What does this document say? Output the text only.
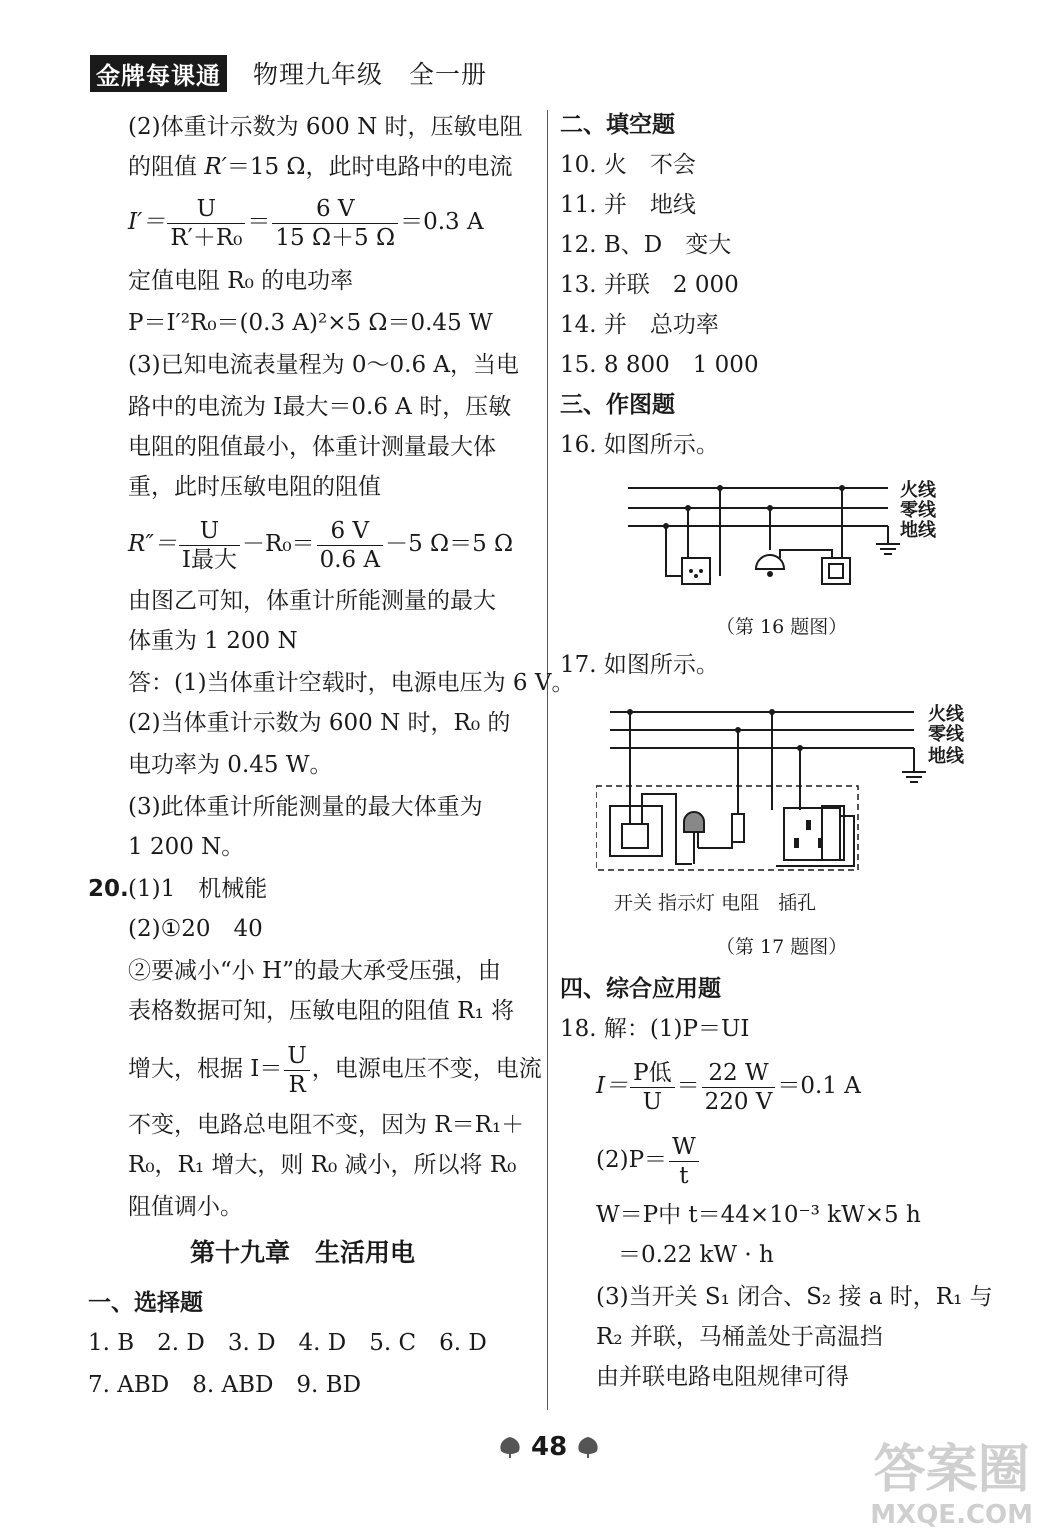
金牌每课通 物理九年级　全一册
(2)体重计示数为 600 N 时，压敏电阻
的阻值 R′＝15 Ω，此时电路中的电流
$I'= \frac{U}{\text{R′＋R₀}} = \frac{6 V}{15 \Omega+5 \Omega} =0.3$ A
定值电阻 R₀ 的电功率
P＝I′²R₀＝(0.3 A)²×5 Ω＝0.45 W
(3)已知电流表量程为 0～0.6 A，当电
路中的电流为 I最大＝0.6 A 时，压敏
电阻的阻值最小，体重计测量最大体
重，此时压敏电阻的阻值
$R''= \frac{U}{\text{I最大}} -R_0= \frac{6 V}{0.6 A} -5$ Ω＝5 Ω
由图乙可知，体重计所能测量的最大
体重为 1 200 N
答：(1)当体重计空载时，电源电压为 6 V。
(2)当体重计示数为 600 N 时，R₀ 的
电功率为 0.45 W。
(3)此体重计所能测量的最大体重为
1 200 N。
20. (1)1　机械能
(2)①20　40
②要减小“小 H”的最大承受压强，由
表格数据可知，压敏电阻的阻值 R₁ 将
增大，根据 $I= \frac{U}{R}$ ，电源电压不变，电流
不变，电路总电阻不变，因为 R＝R₁＋
R₀，R₁ 增大，则 R₀ 减小，所以将 R₀
阻值调小。
第十九章　生活用电
一、选择题
1. B　2. D　3. D　4. D　5. C　6. D
7. ABD　8. ABD　9. BD
二、填空题
10. 火　不会
11. 并　地线
12. B、D　变大
13. 并联　2 000
14. 并　总功率
15. 8 800　1 000
三、作图题
16. 如图所示。
火线
零线
地线
（第 16 题图）
17. 如图所示。
火线
零线
地线
开关 指示灯 电阻　插孔
（第 17 题图）
四、综合应用题
18. 解：(1)P＝UI
$I= \frac{\text{P低}}{U} = \frac{22 W}{220 V} =0.1$ A
$(2)P= \frac{W}{t}$
W＝P中 t＝44×10⁻³ kW×5 h
＝0.22 kW · h
(3)当开关 S₁ 闭合、S₂ 接 a 时，R₁ 与
R₂ 并联，马桶盖处于高温挡
由并联电路电阻规律可得
48	答案圈
MXQE.COM
